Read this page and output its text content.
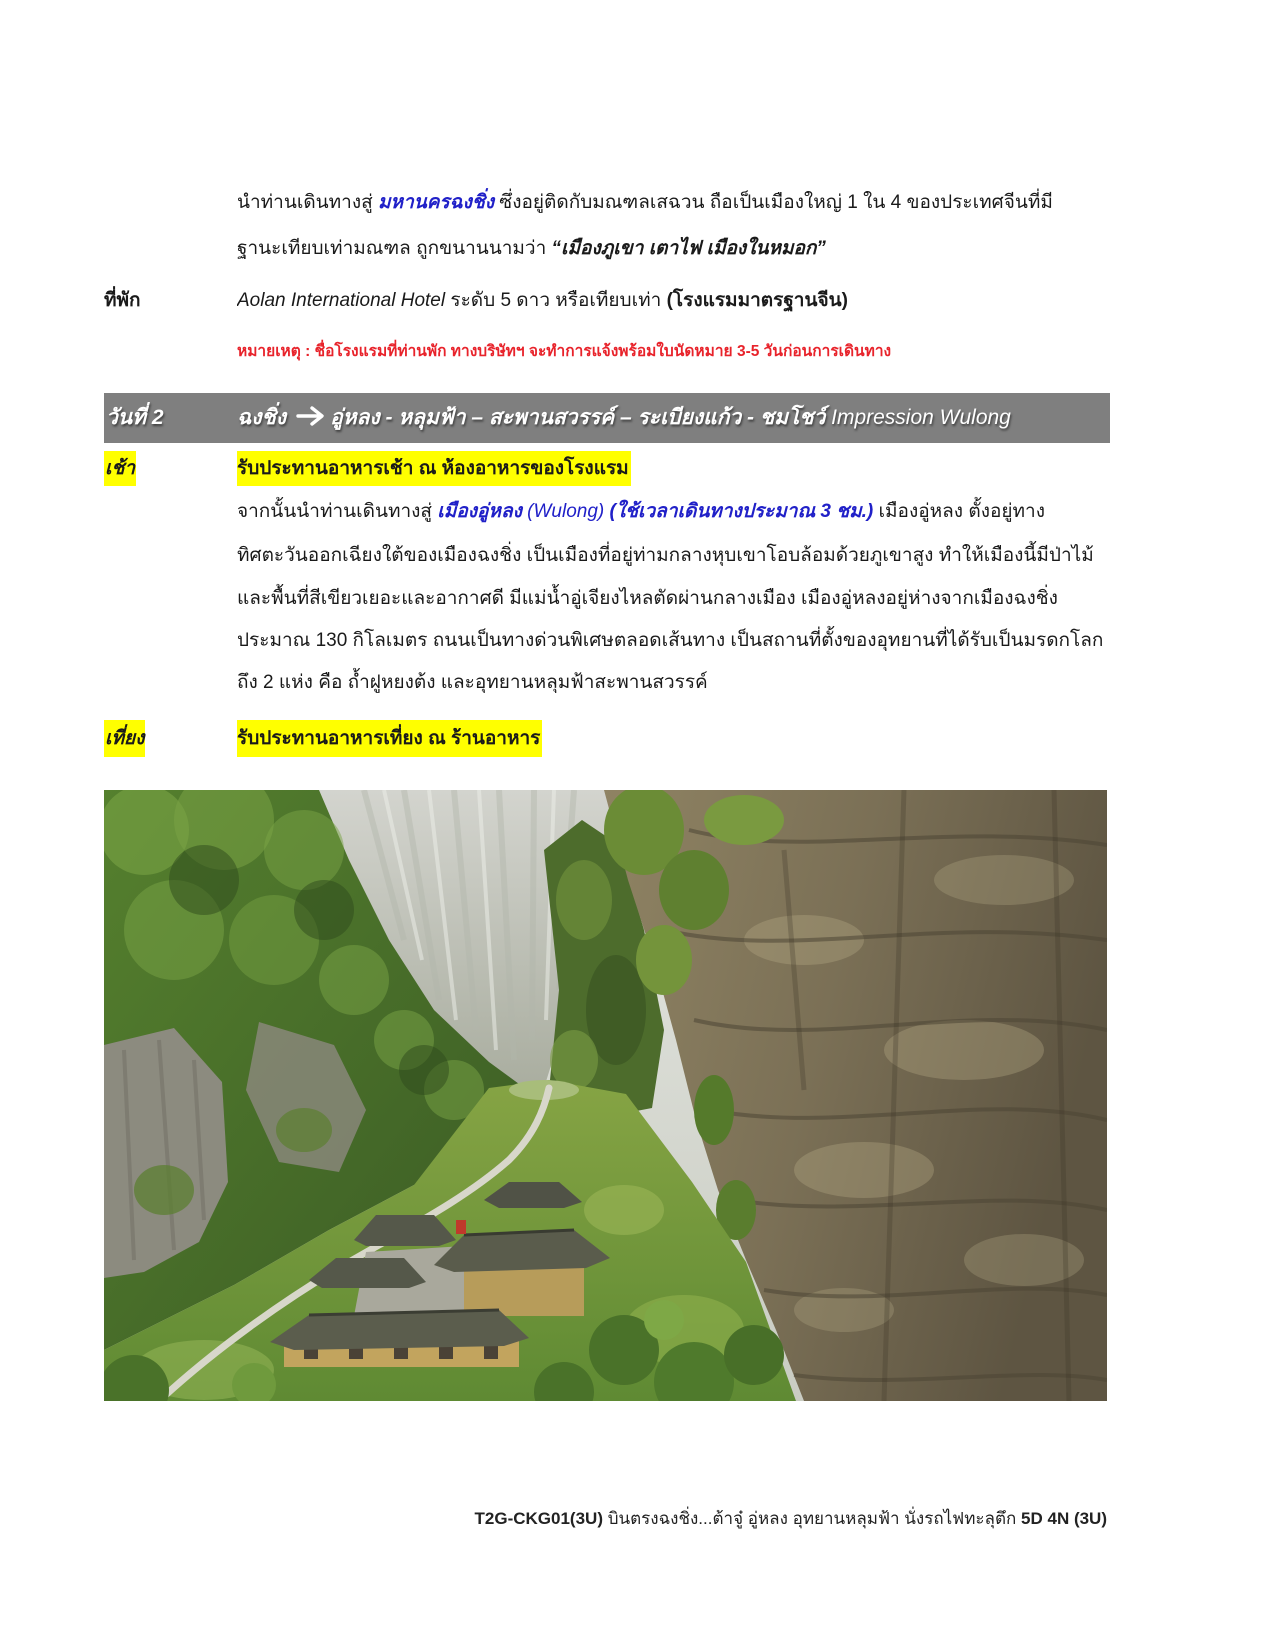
นำท่านเดินทางสู่ มหานครฉงชิ่ง ซึ่งอยู่ติดกับมณฑลเสฉวน ถือเป็นเมืองใหญ่ 1 ใน 4 ของประเทศจีนที่มี
ฐานะเทียบเท่ามณฑล ถูกขนานนามว่า “เมืองภูเขา เตาไฟ เมืองในหมอก”
ที่พัก	Aolan International Hotel ระดับ 5 ดาว หรือเทียบเท่า (โรงแรมมาตรฐานจีน)
หมายเหตุ : ชื่อโรงแรมที่ท่านพัก ทางบริษัทฯ จะทำการแจ้งพร้อมใบนัดหมาย 3-5 วันก่อนการเดินทาง
วันที่ 2	ฉงชิ่ง อู่หลง - หลุมฟ้า – สะพานสวรรค์ – ระเบียงแก้ว - ชมโชว์ Impression Wulong
เช้า	รับประทานอาหารเช้า ณ ห้องอาหารของโรงแรม
จากนั้นนำท่านเดินทางสู่ เมืองอู่หลง (Wulong) (ใช้เวลาเดินทางประมาณ 3 ชม.) เมืองอู่หลง ตั้งอยู่ทาง
ทิศตะวันออกเฉียงใต้ของเมืองฉงชิ่ง เป็นเมืองที่อยู่ท่ามกลางหุบเขาโอบล้อมด้วยภูเขาสูง ทำให้เมืองนี้มีป่าไม้
และพื้นที่สีเขียวเยอะและอากาศดี มีแม่น้ำอู่เจียงไหลตัดผ่านกลางเมือง เมืองอู่หลงอยู่ห่างจากเมืองฉงชิ่ง
ประมาณ 130 กิโลเมตร ถนนเป็นทางด่วนพิเศษตลอดเส้นทาง เป็นสถานที่ตั้งของอุทยานที่ได้รับเป็นมรดกโลก
ถึง 2 แห่ง คือ ถ้ำฝูหยงต้ง และอุทยานหลุมฟ้าสะพานสวรรค์
เที่ยง	รับประทานอาหารเที่ยง ณ ร้านอาหาร
T2G-CKG01(3U) บินตรงฉงชิ่ง...ต้าจู๋ อู่หลง อุทยานหลุมฟ้า นั่งรถไฟทะลุตึก 5D 4N (3U)
